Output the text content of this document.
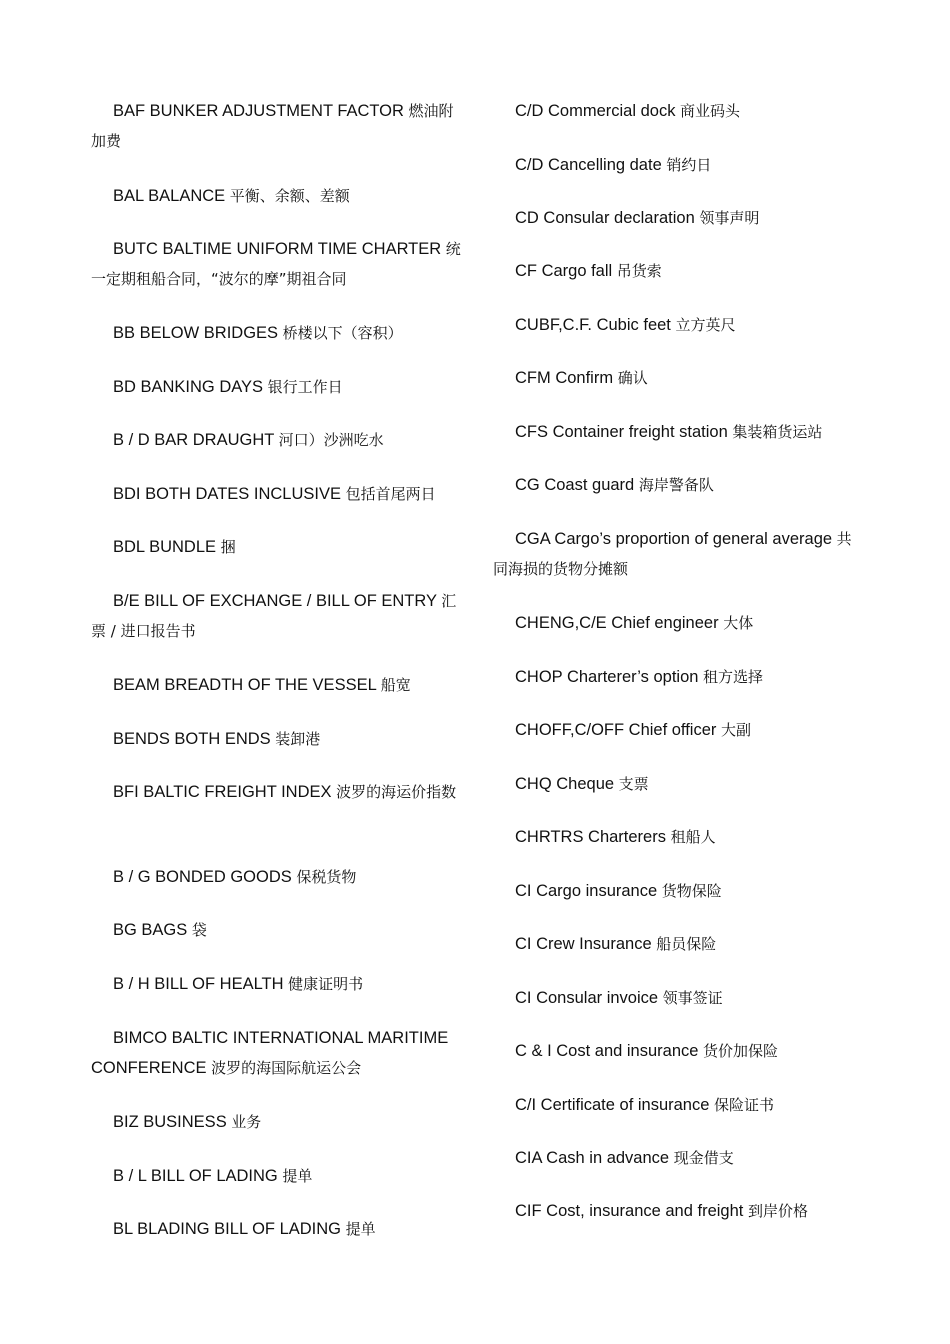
BAF BUNKER ADJUSTMENT FACTOR 燃油附加费
BAL BALANCE 平衡、余额、差额
BUTC BALTIME UNIFORM TIME CHARTER 统一定期租船合同，“波尔的摩”期祖合同
BB BELOW BRIDGES 桥楼以下（容积）
BD BANKING DAYS 银行工作日
B / D BAR DRAUGHT 河口）沙洲吃水
BDI BOTH DATES INCLUSIVE 包括首尾两日
BDL BUNDLE 捆
B/E BILL OF EXCHANGE / BILL OF ENTRY 汇票 / 进口报告书
BEAM BREADTH OF THE VESSEL 船宽
BENDS BOTH ENDS 装卸港
BFI BALTIC FREIGHT INDEX 波罗的海运价指数
B / G BONDED GOODS 保税货物
BG BAGS 袋
B / H BILL OF HEALTH 健康证明书
BIMCO BALTIC INTERNATIONAL MARITIME CONFERENCE 波罗的海国际航运公会
BIZ BUSINESS 业务
B / L BILL OF LADING 提单
BL BLADING BILL OF LADING 提单
C/D Commercial dock 商业码头
C/D Cancelling date 销约日
CD Consular declaration 领事声明
CF Cargo fall 吊货索
CUBF,C.F. Cubic feet 立方英尺
CFM Confirm 确认
CFS Container freight station 集装箱货运站
CG Coast guard 海岸警备队
CGA Cargo’s proportion of general average 共同海损的货物分摊额
CHENG,C/E Chief engineer 大体
CHOP Charterer’s option 租方选择
CHOFF,C/OFF Chief officer 大副
CHQ Cheque 支票
CHRTRS Charterers 租船人
CI Cargo insurance 货物保险
CI Crew Insurance 船员保险
CI Consular invoice 领事签证
C & I Cost and insurance 货价加保险
C/I Certificate of insurance 保险证书
CIA Cash in advance 现金借支
CIF Cost, insurance and freight 到岸价格
